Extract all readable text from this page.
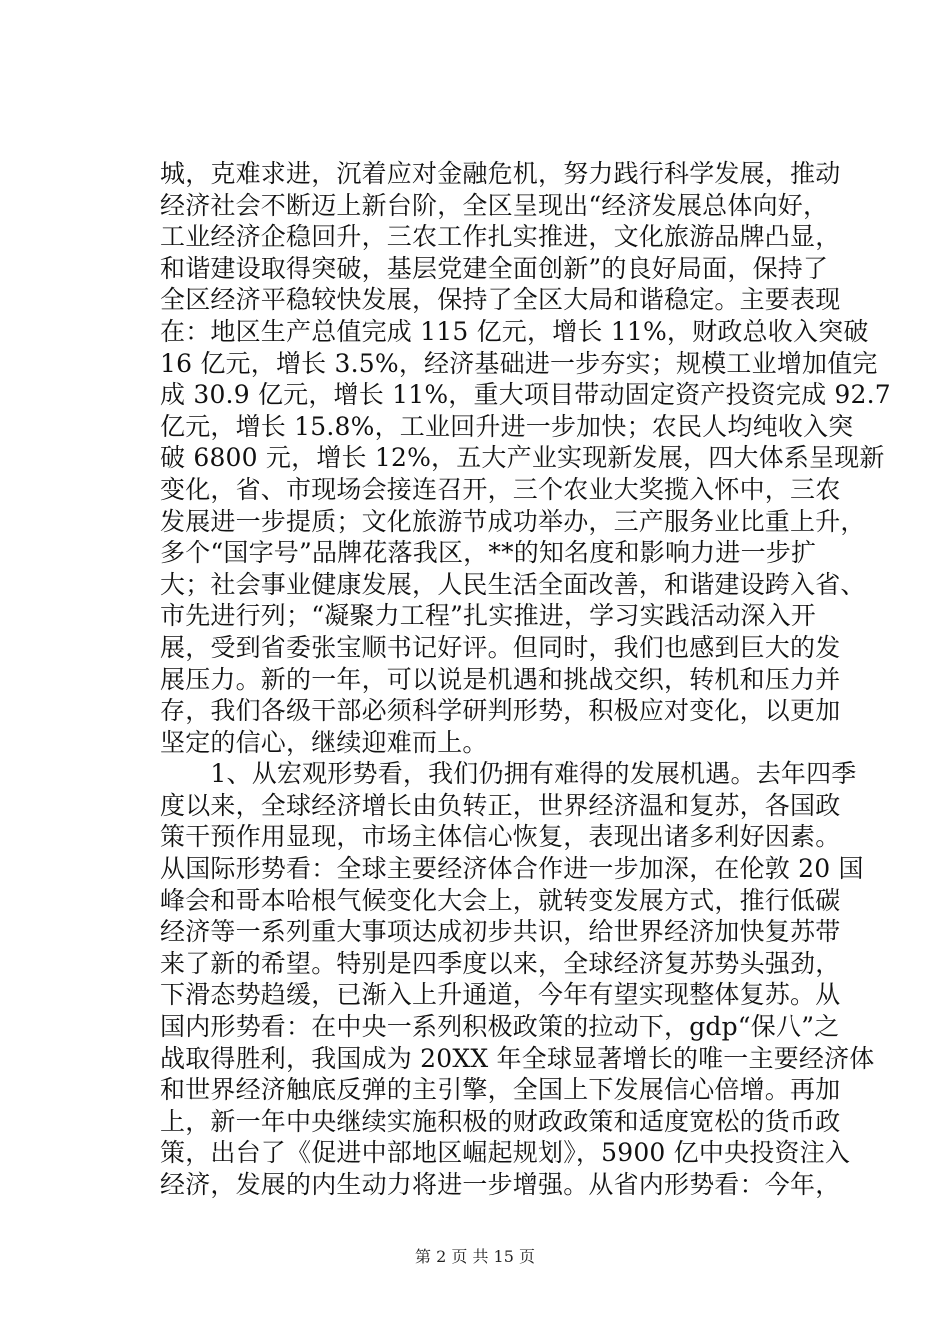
城，克难求进，沉着应对金融危机，努力践行科学发展，推动
经济社会不断迈上新台阶，全区呈现出“经济发展总体向好，
工业经济企稳回升，三农工作扎实推进，文化旅游品牌凸显，
和谐建设取得突破，基层党建全面创新”的良好局面，保持了
全区经济平稳较快发展，保持了全区大局和谐稳定。主要表现
在：地区生产总值完成 115 亿元，增长 11%，财政总收入突破
16 亿元，增长 3.5%，经济基础进一步夯实；规模工业增加值完
成 30.9 亿元，增长 11%，重大项目带动固定资产投资完成 92.7
亿元，增长 15.8%，工业回升进一步加快；农民人均纯收入突
破 6800 元，增长 12%，五大产业实现新发展，四大体系呈现新
变化，省、市现场会接连召开，三个农业大奖揽入怀中，三农
发展进一步提质；文化旅游节成功举办，三产服务业比重上升，
多个“国字号”品牌花落我区，**的知名度和影响力进一步扩
大；社会事业健康发展，人民生活全面改善，和谐建设跨入省、
市先进行列；“凝聚力工程”扎实推进，学习实践活动深入开
展，受到省委张宝顺书记好评。但同时，我们也感到巨大的发
展压力。新的一年，可以说是机遇和挑战交织，转机和压力并
存，我们各级干部必须科学研判形势，积极应对变化，以更加
坚定的信心，继续迎难而上。
　　1、从宏观形势看，我们仍拥有难得的发展机遇。去年四季
度以来，全球经济增长由负转正，世界经济温和复苏，各国政
策干预作用显现，市场主体信心恢复，表现出诸多利好因素。
从国际形势看：全球主要经济体合作进一步加深，在伦敦 20 国
峰会和哥本哈根气候变化大会上，就转变发展方式，推行低碳
经济等一系列重大事项达成初步共识，给世界经济加快复苏带
来了新的希望。特别是四季度以来，全球经济复苏势头强劲，
下滑态势趋缓，已渐入上升通道，今年有望实现整体复苏。从
国内形势看：在中央一系列积极政策的拉动下，gdp“保八”之
战取得胜利，我国成为 20XX 年全球显著增长的唯一主要经济体
和世界经济触底反弹的主引擎，全国上下发展信心倍增。再加
上，新一年中央继续实施积极的财政政策和适度宽松的货币政
策，出台了《促进中部地区崛起规划》，5900 亿中央投资注入
经济，发展的内生动力将进一步增强。从省内形势看：今年，
第 2 页 共 15 页
